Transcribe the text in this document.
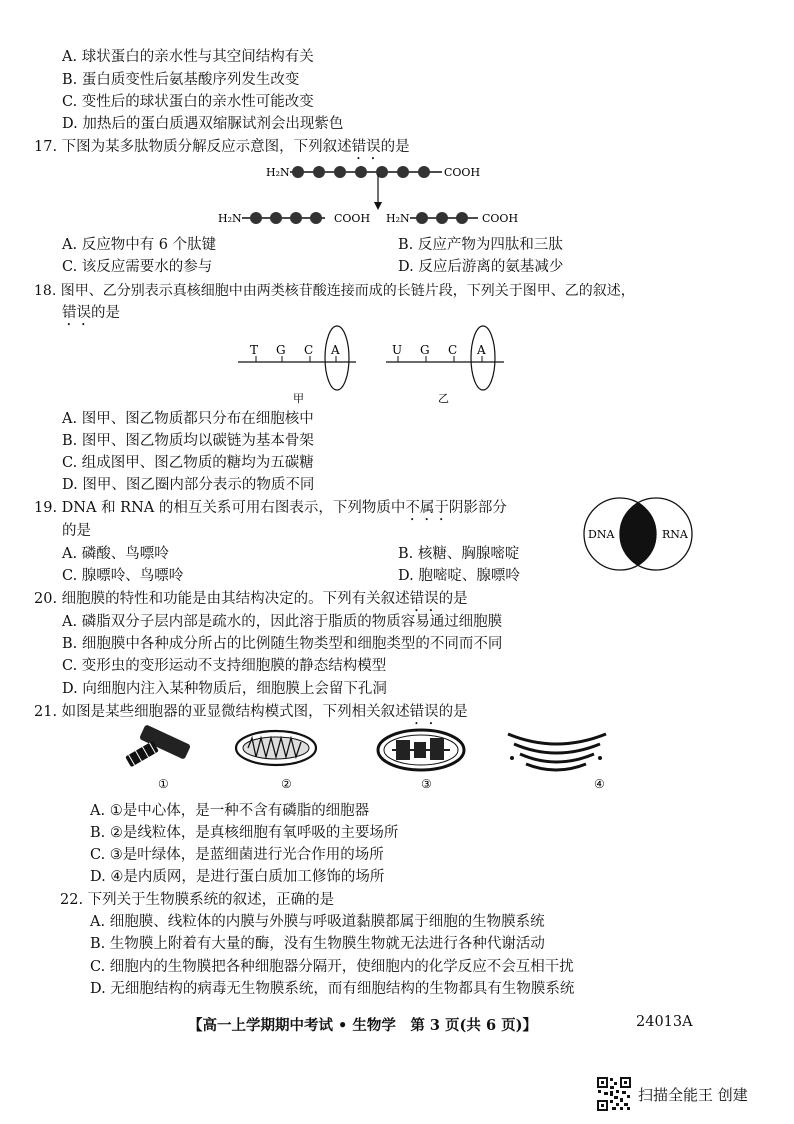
A. 球状蛋白的亲水性与其空间结构有关
B. 蛋白质变性后氨基酸序列发生改变
C. 变性后的球状蛋白的亲水性可能改变
D. 加热后的蛋白质遇双缩脲试剂会出现紫色
17. 下图为某多肽物质分解反应示意图，下列叙述错误的是
H₂N	COOH
H₂N	COOH H₂N	COOH
A. 反应物中有 6 个肽键	B. 反应产物为四肽和三肽
C. 该反应需要水的参与	D. 反应后游离的氨基减少
18. 图甲、乙分别表示真核细胞中由两类核苷酸连接而成的长链片段，下列关于图甲、乙的叙述，
错误的是
T G C A
甲
U G C A
乙
A. 图甲、图乙物质都只分布在细胞核中
B. 图甲、图乙物质均以碳链为基本骨架
C. 组成图甲、图乙物质的糖均为五碳糖
D. 图甲、图乙圈内部分表示的物质不同
19. DNA 和 RNA 的相互关系可用右图表示，下列物质中不属于阴影部分
的是	DNA	RNA
A. 磷酸、鸟嘌呤	B. 核糖、胸腺嘧啶
C. 腺嘌呤、鸟嘌呤	D. 胞嘧啶、腺嘌呤
20. 细胞膜的特性和功能是由其结构决定的。下列有关叙述错误的是
A. 磷脂双分子层内部是疏水的，因此溶于脂质的物质容易通过细胞膜
B. 细胞膜中各种成分所占的比例随生物类型和细胞类型的不同而不同
C. 变形虫的变形运动不支持细胞膜的静态结构模型
D. 向细胞内注入某种物质后，细胞膜上会留下孔洞
21. 如图是某些细胞器的亚显微结构模式图，下列相关叙述错误的是
①	②	③	④
A. ①是中心体，是一种不含有磷脂的细胞器
B. ②是线粒体，是真核细胞有氧呼吸的主要场所
C. ③是叶绿体，是蓝细菌进行光合作用的场所
D. ④是内质网，是进行蛋白质加工修饰的场所
22. 下列关于生物膜系统的叙述，正确的是
A. 细胞膜、线粒体的内膜与外膜与呼吸道黏膜都属于细胞的生物膜系统
B. 生物膜上附着有大量的酶，没有生物膜生物就无法进行各种代谢活动
C. 细胞内的生物膜把各种细胞器分隔开，使细胞内的化学反应不会互相干扰
D. 无细胞结构的病毒无生物膜系统，而有细胞结构的生物都具有生物膜系统
【高一上学期期中考试 • 生物学　第 3 页(共 6 页)】	24013A
扫描全能王 创建
